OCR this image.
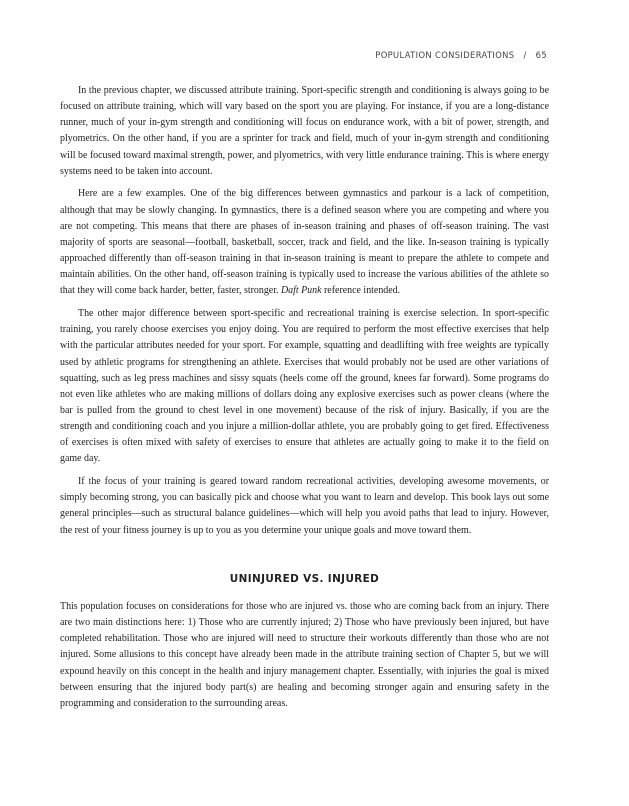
POPULATION CONSIDERATIONS / 65

In the previous chapter, we discussed attribute training. Sport-specific strength and conditioning is always going to be focused on attribute training, which will vary based on the sport you are playing. For instance, if you are a long-distance runner, much of your in-gym strength and conditioning will focus on endurance work, with a bit of power, strength, and plyometrics. On the other hand, if you are a sprinter for track and field, much of your in-gym strength and conditioning will be focused toward maximal strength, power, and plyometrics, with very little endurance training. This is where energy systems need to be taken into account.

Here are a few examples. One of the big differences between gymnastics and parkour is a lack of competition, although that may be slowly changing. In gymnastics, there is a defined season where you are competing and where you are not competing. This means that there are phases of in-season training and phases of off-season training. The vast majority of sports are seasonal—football, basketball, soccer, track and field, and the like. In-season training is typically approached differently than off-season training in that in-season training is meant to prepare the athlete to compete and maintain abilities. On the other hand, off-season training is typically used to increase the various abilities of the athlete so that they will come back harder, better, faster, stronger. Daft Punk reference intended.

The other major difference between sport-specific and recreational training is exercise selection. In sport-specific training, you rarely choose exercises you enjoy doing. You are required to perform the most effective exercises that help with the particular attributes needed for your sport. For example, squatting and deadlifting with free weights are typically used by athletic programs for strengthening an athlete. Exercises that would probably not be used are other variations of squatting, such as leg press machines and sissy squats (heels come off the ground, knees far forward). Some programs do not even like athletes who are making millions of dollars doing any explosive exercises such as power cleans (where the bar is pulled from the ground to chest level in one movement) because of the risk of injury. Basically, if you are the strength and conditioning coach and you injure a million-dollar athlete, you are probably going to get fired. Effectiveness of exercises is often mixed with safety of exercises to ensure that athletes are actually going to make it to the field on game day.

If the focus of your training is geared toward random recreational activities, developing awesome movements, or simply becoming strong, you can basically pick and choose what you want to learn and develop. This book lays out some general principles—such as structural balance guidelines—which will help you avoid paths that lead to injury. However, the rest of your fitness journey is up to you as you determine your unique goals and move toward them.

UNINJURED VS. INJURED

This population focuses on considerations for those who are injured vs. those who are coming back from an injury. There are two main distinctions here: 1) Those who are currently injured; 2) Those who have previously been injured, but have completed rehabilitation. Those who are injured will need to structure their workouts differently than those who are not injured. Some allusions to this concept have already been made in the attribute training section of Chapter 5, but we will expound heavily on this concept in the health and injury management chapter. Essentially, with injuries the goal is mixed between ensuring that the injured body part(s) are healing and becoming stronger again and ensuring safety in the programming and consideration to the surrounding areas.
